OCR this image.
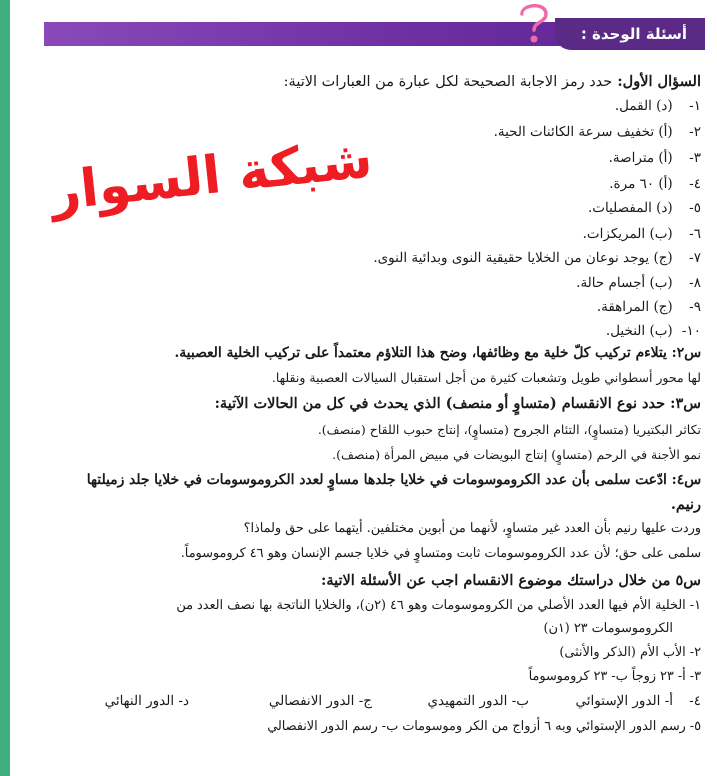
أسئلة الوحدة :
شبكة السوار
السؤال الأول: حدد رمز الاجابة الصحيحة لكل عبارة من العبارات الاتية:
١- (د) القمل.
٢- (أ) تخفيف سرعة الكائنات الحية.
٣- (أ) متراصة.
٤- (أ) ٦٠ مرة.
٥- (د) المفصليات.
٦- (ب) المريكزات.
٧- (ج) يوجد نوعان من الخلايا حقيقية النوى وبدائية النوى.
٨- (ب) أجسام حالة.
٩- (ج) المراهقة.
١٠- (ب) النخيل.
س٢: يتلاءم تركيب كلّ خلية مع وظائفها، وضح هذا التلاؤم معتمداً على تركيب الخلية العصبية.
لها محور أسطواني طويل وتشعبات كثيرة من أجل استقبال السيالات العصبية ونقلها.
س٣: حدد نوع الانقسام (متساوٍ أو منصف) الذي يحدث في كل من الحالات الآتية:
تكاثر البكتيريا (متساوٍ)، التئام الجروح (متساوٍ)، إنتاج حبوب اللقاح (منصف).
نمو الأجنة في الرحم (متساوٍ) إنتاج البويضات في مبيض المرأة (منصف).
س٤: ادّعت سلمى بأن عدد الكروموسومات في خلايا جلدها مساوٍ لعدد الكروموسومات في خلايا جلد زميلتها
رنيم.
وردت عليها رنيم بأن العدد غير متساوٍ، لأنهما من أبوين مختلفين. أيتهما على حق ولماذا؟
سلمى على حق؛ لأن عدد الكروموسومات ثابت ومتساوٍ في خلايا جسم الإنسان وهو ٤٦ كروموسوماً.
س٥ من خلال دراستك موضوع الانقسام اجب عن الأسئلة الاتية:
١- الخلية الأم فيها العدد الأصلي من الكروموسومات وهو ٤٦ (٢ن)، والخلايا الناتجة بها نصف العدد من
الكروموسومات ٢٣ (١ن)
٢- الأب الأم (الذكر والأنثى)
٣- أ- ٢٣ زوجاً ب- ٢٣ كروموسوماً
٤-
أ- الدور الإستوائي
ب- الدور التمهيدي
ج- الدور الانفصالي
د- الدور النهائي
٥- رسم الدور الإستوائي وبه ٦ أزواج من الكر وموسومات ب- رسم الدور الانفصالي
